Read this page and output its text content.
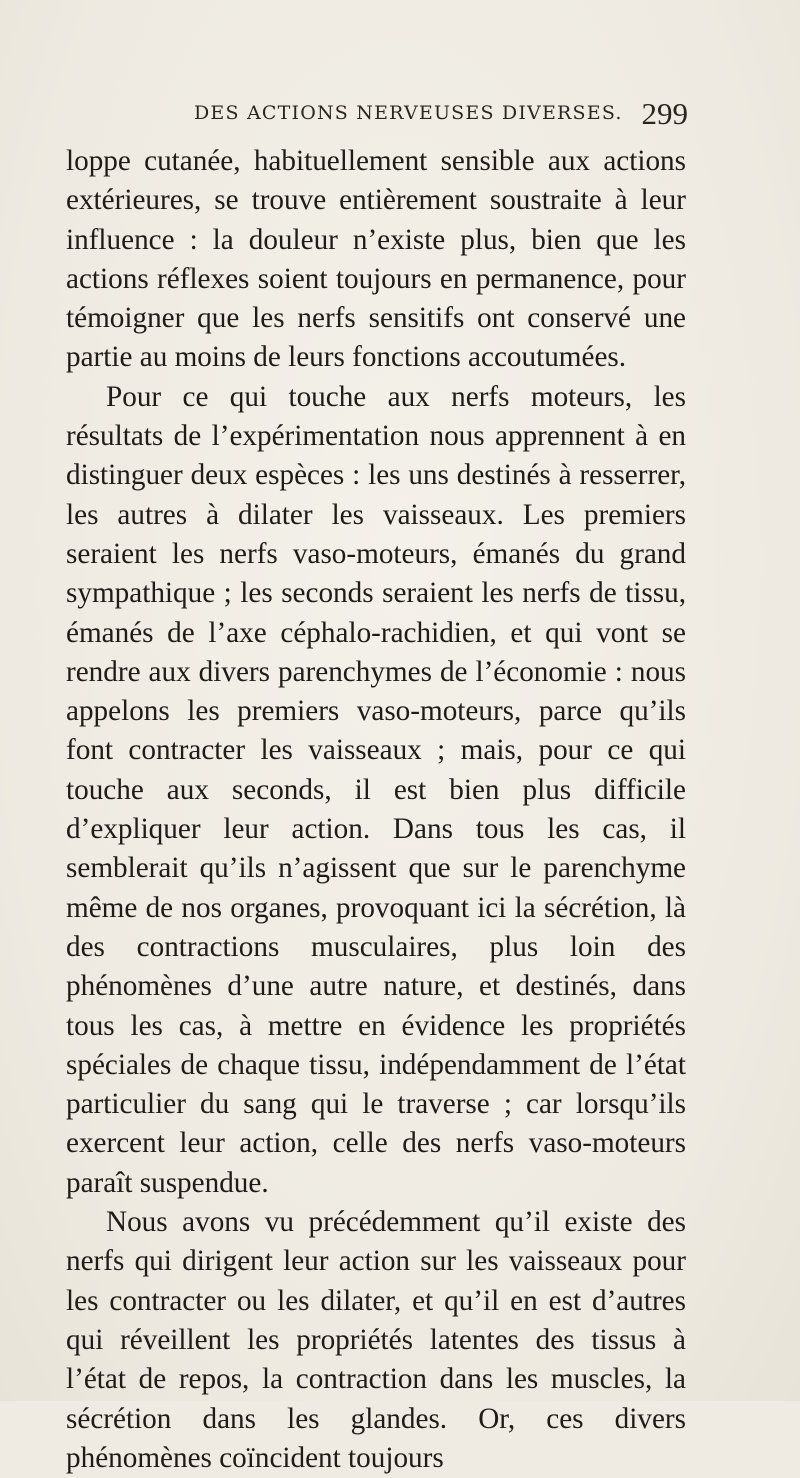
DES ACTIONS NERVEUSES DIVERSES. 299

loppe cutanée, habituellement sensible aux actions extérieures, se trouve entièrement soustraite à leur influence : la douleur n’existe plus, bien que les actions réflexes soient toujours en permanence, pour témoigner que les nerfs sensitifs ont conservé une partie au moins de leurs fonctions accoutumées.

Pour ce qui touche aux nerfs moteurs, les résultats de l’expérimentation nous apprennent à en distinguer deux espèces : les uns destinés à resserrer, les autres à dilater les vaisseaux. Les premiers seraient les nerfs vaso-moteurs, émanés du grand sympathique ; les seconds seraient les nerfs de tissu, émanés de l’axe céphalo-rachidien, et qui vont se rendre aux divers parenchymes de l’économie : nous appelons les premiers vaso-moteurs, parce qu’ils font contracter les vaisseaux ; mais, pour ce qui touche aux seconds, il est bien plus difficile d’expliquer leur action. Dans tous les cas, il semblerait qu’ils n’agissent que sur le parenchyme même de nos organes, provoquant ici la sécrétion, là des contractions musculaires, plus loin des phénomènes d’une autre nature, et destinés, dans tous les cas, à mettre en évidence les propriétés spéciales de chaque tissu, indépendamment de l’état particulier du sang qui le traverse ; car lorsqu’ils exercent leur action, celle des nerfs vaso-moteurs paraît suspendue.

Nous avons vu précédemment qu’il existe des nerfs qui dirigent leur action sur les vaisseaux pour les contracter ou les dilater, et qu’il en est d’autres qui réveillent les propriétés latentes des tissus à l’état de repos, la contraction dans les muscles, la sécrétion dans les glandes. Or, ces divers phénomènes coïncident toujours
